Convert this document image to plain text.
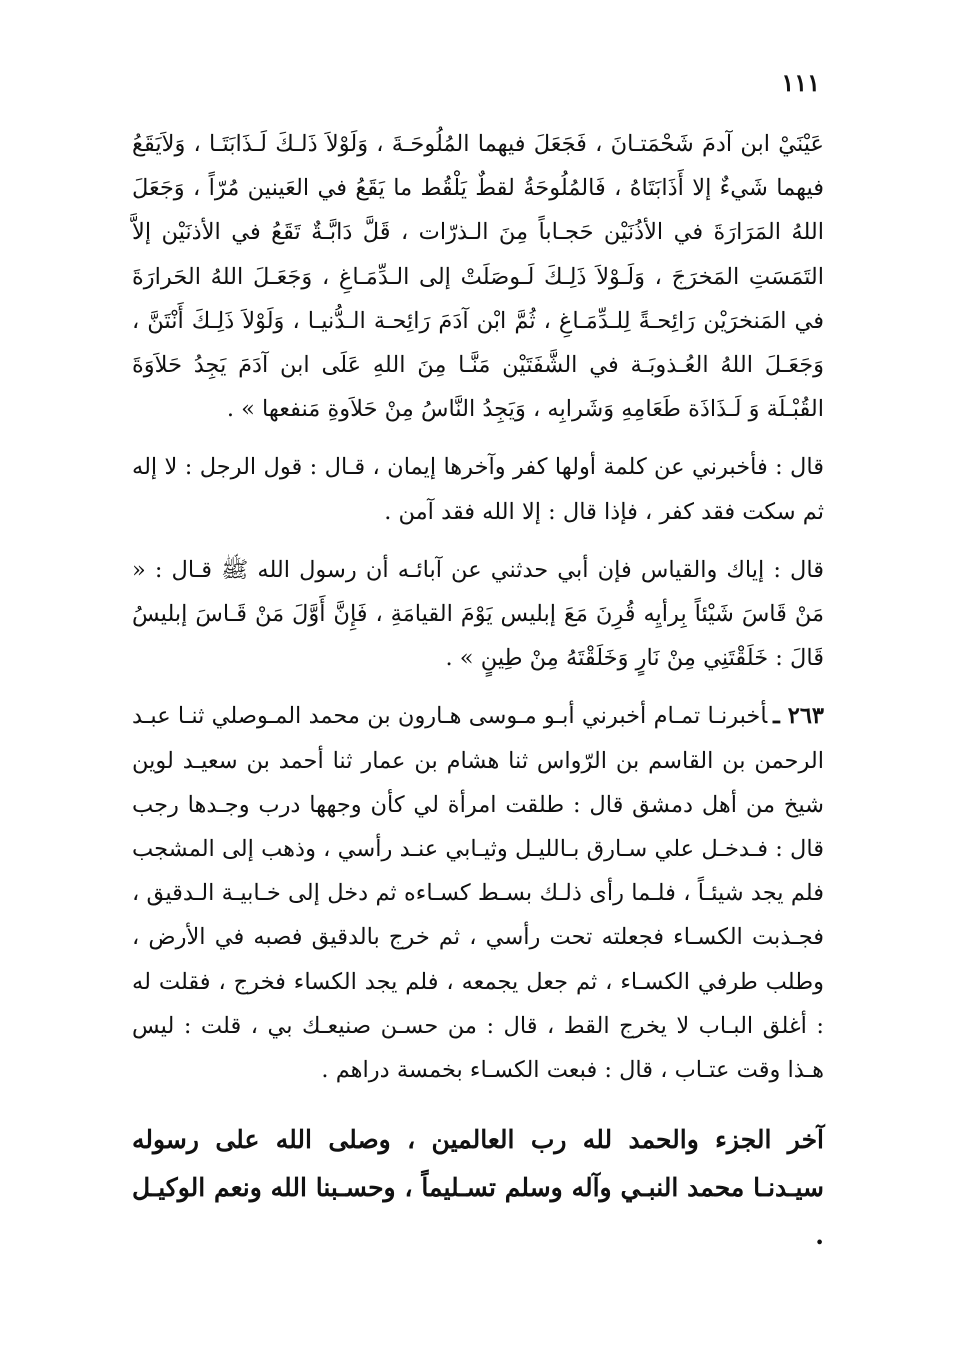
١١١

عَيْنَيْ ابن آدمَ شَحْمَتـانَ ، فَجَعَلَ فيهما المُلُوحَـةَ ، وَلَوْلاَ ذَلـكَ لَـذَابَتَـا ، وَلاَيَقَعُ فيهما شَيءٌ إلا أَذَابَتَاهُ ، فَالمُلُوحَةُ لقطٌ يَلْقُط ما يَقَعُ في العَينين مُرّاً ، وَجَعَلَ اللهُ المَرَارَةَ في الأذُنَيْن حَجـاباً مِنَ الـذرّات ، قَلَّ دَابَّـةٌ تَقَعُ في الأذنَيْن إلاَّ التَمَسَتِ المَخرَجَ ، وَلَـوْلاَ ذَلِـكَ لَـوصَلَتْ إلى الـدِّمَـاغِ ، وَجَعَـلَ اللهُ الحَرارَةَ في المَنخرَيْن رَائِحـةً لِلـدِّمَـاغِ ، ثُمَّ ابْن آدَمَ رَائِحـة الـدُّنيـا ، وَلَوْلاَ ذَلِـكَ أَنْتَنَّ ، وَجَعَـلَ اللهُ العُـذوبَـة في الشَّفَتَيْن مَنَّـا مِنَ اللهِ عَلَى ابن آدَمَ يَجِدُ حَلاَوَةَ القُبْـلَة وَ لَـذَاذَة طَعَامِهِ وَشَرابِه ، وَيَجِدُ النَّاسُ مِنْ حَلاَوةِ مَنفعها » .

قال : فأخبرني عن كلمة أولها كفر وآخرها إيمان ، قـال : قول الرجل : لا إله ثم سكت فقد كفر ، فإذا قال : إلا الله فقد آمن .

قال : إياك والقياس فإن أبي حدثني عن آبائـه أن رسول الله ﷺ قـال : « مَنْ قَاسَ شَيْئاً بِرأيِه قُرِنَ مَعَ إبليس يَوْمَ القيامَةِ ، فَإِنَّ أَوَّلَ مَنْ قَـاسَ إبليسُ قَالَ : خَلَقْتَنِي مِنْ نَارٍ وَخَلَقْتَهُ مِنْ طِينٍ » .

٢٦٣ ـأخبرنـا تمـام أخبرني أبـو مـوسى هـارون بن محمد المـوصلي ثنـا عبـد الرحمن بن القاسم بن الرّواس ثنا هشام بن عمار ثنا أحمد بن سعيـد لوين شيخ من أهل دمشق قال : طلقت امرأة لي كأن وجهها درب وجـدها رجب قال : فـدخـل علي سـارق بـالليـل وثيـابي عنـد رأسي ، وذهب إلى المشجب فلم يجد شيئـاً ، فلـما رأى ذلـك بسـط كسـاءه ثم دخل إلى خـابيـة الـدقيق ، فجـذبت الكسـاء فجعلته تحت رأسي ، ثم خرج بالدقيق فصبه في الأرض ، وطلب طرفي الكسـاء ، ثم جعل يجمعه ، فلم يجد الكساء فخرج ، فقلت له : أغلق البـاب لا يخرج القط ، قال : من حسـن صنيعـك بي ، قلت : ليس هـذا وقت عتـاب ، قال : فبعت الكسـاء بخمسة دراهم .

آخر الجزء والحمد لله رب العالمين ، وصلى الله على رسوله سيـدنـا محمد النبـي وآله وسلم تسـليماً ، وحسـبنا الله ونعم الوكيـل .
